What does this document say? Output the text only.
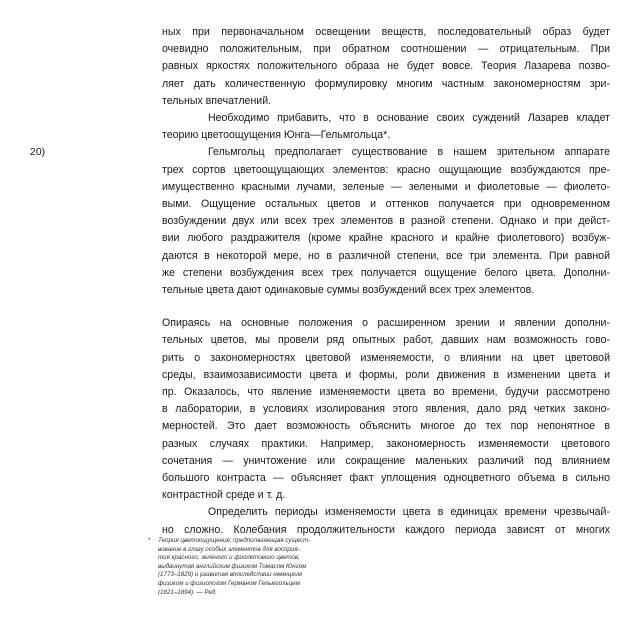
20)
ных при первоначальном освещении веществ, последовательный образ будет
очевидно положительным, при обратном соотношении — отрицательным. При
равных яркостях положительного образа не будет вовсе. Теория Лазарева позво-
ляет дать количественную формулировку многим частным закономерностям зри-
тельных впечатлений.
Необходимо прибавить, что в основание своих суждений Лазарев кладет
теорию цветоощущения Юнга—Гельмгольца*.
Гельмгольц предполагает существование в нашем зрительном аппарате
трех сортов цветоощущающих элементов: красно ощущающие возбуждаются пре-
имущественно красными лучами, зеленые — зелеными и фиолетовые — фиолето-
выми. Ощущение остальных цветов и оттенков получается при одновременном
возбуждении двух или всех трех элементов в разной степени. Однако и при дейст-
вии любого раздражителя (кроме крайне красного и крайне фиолетового) возбуж-
даются в некоторой мере, но в различной степени, все три элемента. При равной
же степени возбуждения всех трех получается ощущение белого цвета. Дополни-
тельные цвета дают одинаковые суммы возбуждений всех трех элементов.
Опираясь на основные положения о расширенном зрении и явлении дополни-
тельных цветов, мы провели ряд опытных работ, давших нам возможность гово-
рить о закономерностях цветовой изменяемости, о влиянии на цвет цветовой
среды, взаимозависимости цвета и формы, роли движения в изменении цвета и
пр. Оказалось, что явление изменяемости цвета во времени, будучи рассмотрено
в лаборатории, в условиях изолирования этого явления, дало ряд четких законо-
мерностей. Это дает возможность объяснить многое до тех пор непонятное в
разных случаях практики. Например, закономерность изменяемости цветового
сочетания — уничтожение или сокращение маленьких различий под влиянием
большого контраста — объясняет факт уплощения одноцветного объема в сильно
контрастной среде и т. д.
Определить периоды изменяемости цвета в единицах времени чрезвычай-
но сложно. Колебания продолжительности каждого периода зависят от многих
* Теория цветоощущения, предполагающая сущест-
вование в глазу особых элементов для восприя-
тия красного, зеленого и фиолетового цветов,
выдвинутая английским физиком Томасом Юнгом
(1773–1829) и развитая впоследствии немецким
физиком и физиологом Германом Гельмгольцем
(1821–1894). — Ред.
